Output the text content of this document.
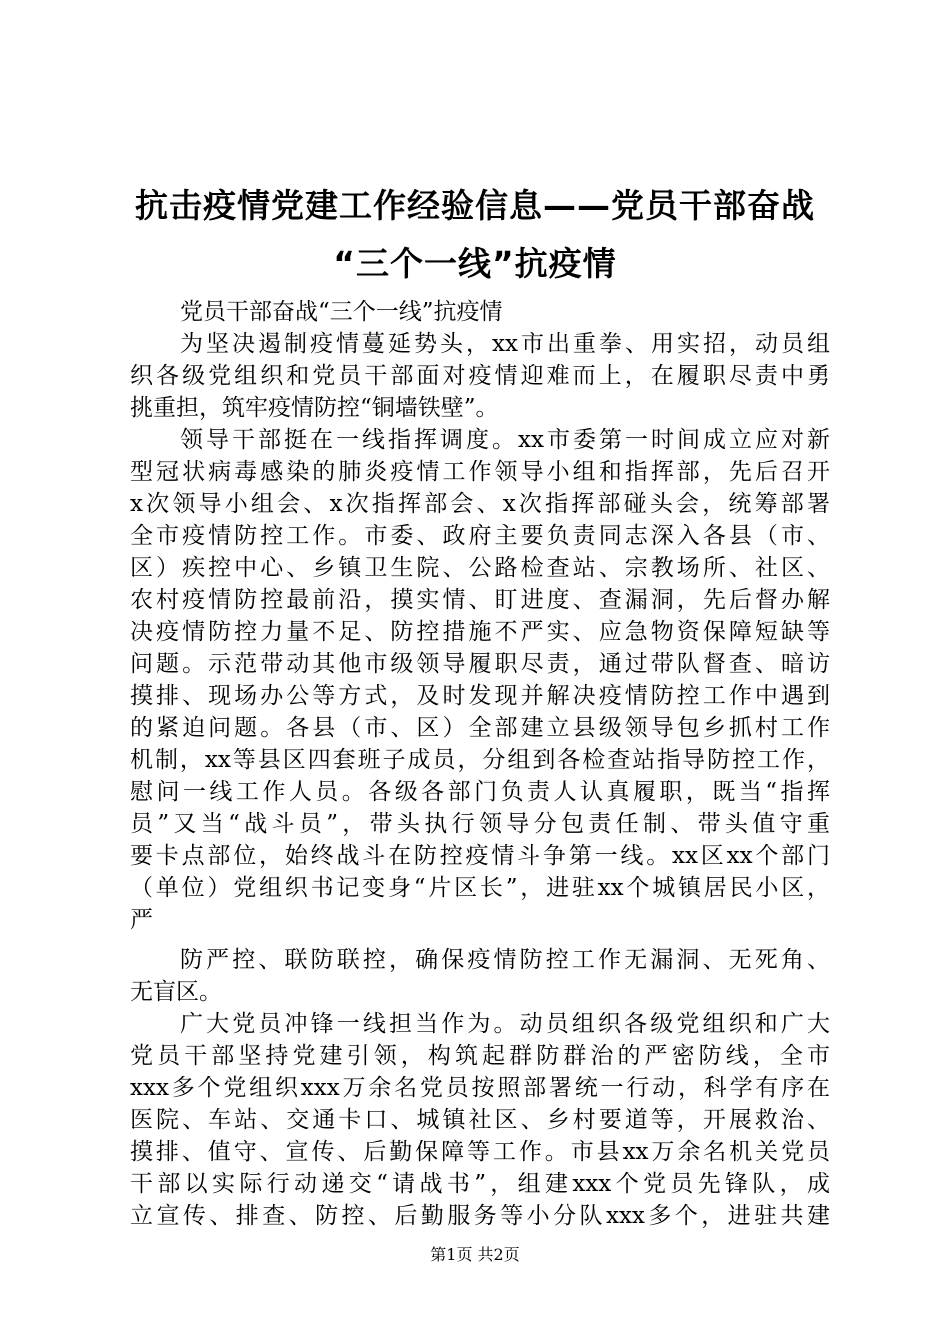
抗击疫情党建工作经验信息——党员干部奋战
“三个一线”抗疫情
党员干部奋战“三个一线”抗疫情
为坚决遏制疫情蔓延势头，xx市出重拳、用实招，动员组
织各级党组织和党员干部面对疫情迎难而上，在履职尽责中勇
挑重担，筑牢疫情防控“铜墙铁壁”。
领导干部挺在一线指挥调度。xx市委第一时间成立应对新
型冠状病毒感染的肺炎疫情工作领导小组和指挥部，先后召开
x次领导小组会、x次指挥部会、x次指挥部碰头会，统筹部署
全市疫情防控工作。市委、政府主要负责同志深入各县（市、
区）疾控中心、乡镇卫生院、公路检查站、宗教场所、社区、
农村疫情防控最前沿，摸实情、盯进度、查漏洞，先后督办解
决疫情防控力量不足、防控措施不严实、应急物资保障短缺等
问题。示范带动其他市级领导履职尽责，通过带队督查、暗访
摸排、现场办公等方式，及时发现并解决疫情防控工作中遇到
的紧迫问题。各县（市、区）全部建立县级领导包乡抓村工作
机制，xx等县区四套班子成员，分组到各检查站指导防控工作，
慰问一线工作人员。各级各部门负责人认真履职，既当“指挥
员”又当“战斗员”，带头执行领导分包责任制、带头值守重
要卡点部位，始终战斗在防控疫情斗争第一线。xx区xx个部门
（单位）党组织书记变身“片区长”，进驻xx个城镇居民小区，
严
防严控、联防联控，确保疫情防控工作无漏洞、无死角、
无盲区。
广大党员冲锋一线担当作为。动员组织各级党组织和广大
党员干部坚持党建引领，构筑起群防群治的严密防线，全市
xxx多个党组织xxx万余名党员按照部署统一行动，科学有序在
医院、车站、交通卡口、城镇社区、乡村要道等，开展救治、
摸排、值守、宣传、后勤保障等工作。市县xx万余名机关党员
干部以实际行动递交“请战书”，组建xxx个党员先锋队，成
立宣传、排查、防控、后勤服务等小分队xxx多个，进驻共建
第1页 共2页
